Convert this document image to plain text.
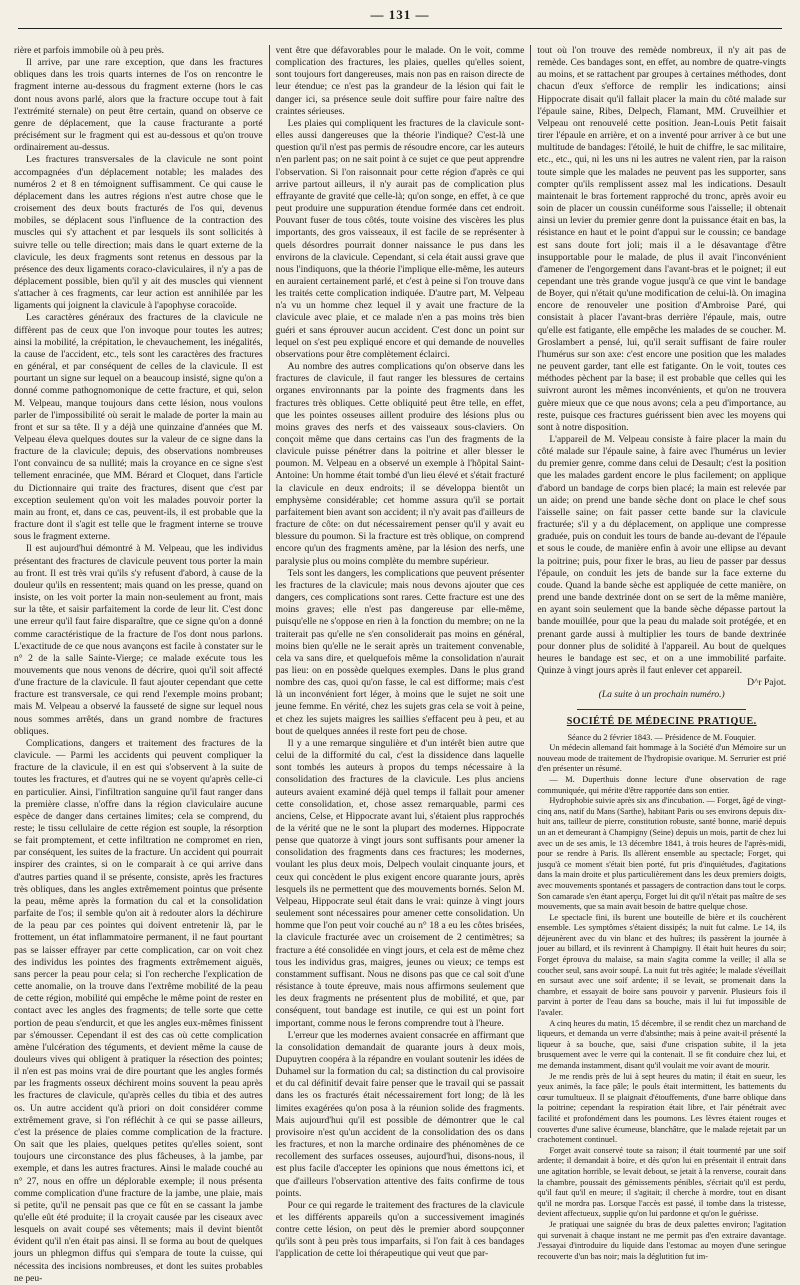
— 131 —

rière et parfois immobile où à peu près.

Il arrive, par une rare exception, que dans les fractures obliques dans les trois quarts internes de l'os on rencontre le fragment interne au-dessous du fragment externe (hors le cas dont nous avons parlé, alors que la fracture occupe tout à fait l'extrémité sternale) on peut être certain, quand on observe ce genre de déplacement, que la cause fracturante a porté précisément sur le fragment qui est au-dessous et qu'on trouve ordinairement au-dessus.

Les fractures transversales de la clavicule ne sont point accompagnées d'un déplacement notable; les malades des numéros 2 et 8 en témoignent suffisamment. Ce qui cause le déplacement dans les autres régions n'est autre chose que le croisement des deux bouts fracturés de l'os qui, devenus mobiles, se déplacent sous l'influence de la contraction des muscles qui s'y attachent et par lesquels ils sont sollicités à suivre telle ou telle direction; mais dans le quart externe de la clavicule, les deux fragments sont retenus en dessous par la présence des deux ligaments coraco-claviculaires, il n'y a pas de déplacement possible, bien qu'il y ait des muscles qui viennent s'attacher à ces fragments, car leur action est annihilée par les ligaments qui joignent la clavicule à l'apophyse coracoïde.

Les caractères généraux des fractures de la clavicule ne diffèrent pas de ceux que l'on invoque pour toutes les autres; ainsi la mobilité, la crépitation, le chevauchement, les inégalités, la cause de l'accident, etc., tels sont les caractères des fractures en général, et par conséquent de celles de la clavicule. Il est pourtant un signe sur lequel on a beaucoup insisté, signe qu'on a donné comme pathognomonique de cette fracture, et qui, selon M. Velpeau, manque toujours dans cette lésion, nous voulons parler de l'impossibilité où serait le malade de porter la main au front et sur sa tête. Il y a déjà une quinzaine d'années que M. Velpeau éleva quelques doutes sur la valeur de ce signe dans la fracture de la clavicule; depuis, des observations nombreuses l'ont convaincu de sa nullité; mais la croyance en ce signe s'est tellement enracinée, que MM. Bérard et Cloquet, dans l'article du Dictionnaire qui traite des fractures, disent que c'est par exception seulement qu'on voit les malades pouvoir porter la main au front, et, dans ce cas, peuvent-ils, il est probable que la fracture dont il s'agit est telle que le fragment interne se trouve sous le fragment externe.

Il est aujourd'hui démontré à M. Velpeau, que les individus présentant des fractures de clavicule peuvent tous porter la main au front. Il est très vrai qu'ils s'y refusent d'abord, à cause de la douleur qu'ils en ressentent; mais quand on les presse, quand on insiste, on les voit porter la main non-seulement au front, mais sur la tête, et saisir parfaitement la corde de leur lit. C'est donc une erreur qu'il faut faire disparaître, que ce signe qu'on a donné comme caractéristique de la fracture de l'os dont nous parlons. L'exactitude de ce que nous avançons est facile à constater sur le n° 2 de la salle Sainte-Vierge; ce malade exécute tous les mouvements que nous venons de décrire, quoi qu'il soit affecté d'une fracture de la clavicule. Il faut ajouter cependant que cette fracture est transversale, ce qui rend l'exemple moins probant; mais M. Velpeau a observé la fausseté de signe sur lequel nous nous sommes arrêtés, dans un grand nombre de fractures obliques.

Complications, dangers et traitement des fractures de la clavicule. — Parmi les accidents qui peuvent compliquer la fracture de la clavicule, il en est qui s'observent à la suite de toutes les fractures, et d'autres qui ne se voyent qu'après celle-ci en particulier. Ainsi, l'infiltration sanguine qu'il faut ranger dans la première classe, n'offre dans la région claviculaire aucune espèce de danger dans certaines limites; cela se comprend, du reste; le tissu cellulaire de cette région est souple, la résorption se fait promptement, et cette infiltration ne compromet en rien, par conséquent, les suites de la fracture. Un accident qui pourrait inspirer des craintes, si on le comparait à ce qui arrive dans d'autres parties quand il se présente, consiste, après les fractures très obliques, dans les angles extrêmement pointus que présente la peau, même après la formation du cal et la consolidation parfaite de l'os; il semble qu'on ait à redouter alors la déchirure de la peau par ces pointes qui doivent entretenir là, par le frottement, un état inflammatoire permanent, il ne faut pourtant pas se laisser effrayer par cette complication, car on voit chez des individus les pointes des fragments extrêmement aiguës, sans percer la peau pour cela; si l'on recherche l'explication de cette anomalie, on la trouve dans l'extrême mobilité de la peau de cette région, mobilité qui empêche le même point de rester en contact avec les angles des fragments; de telle sorte que cette portion de peau s'endurcit, et que les angles eux-mêmes finissent par s'émousser. Cependant il est des cas où cette complication amène l'ulcération des téguments, et devient même la cause de douleurs vives qui obligent à pratiquer la résection des pointes; il n'en est pas moins vrai de dire pourtant que les angles formés par les fragments osseux déchirent moins souvent la peau après les fractures de clavicule, qu'après celles du tibia et des autres os. Un autre accident qu'à priori on doit considérer comme extrêmement grave, si l'on réfléchit à ce qui se passe ailleurs, c'est la présence de plaies comme complication de la fracture. On sait que les plaies, quelques petites qu'elles soient, sont toujours une circonstance des plus fâcheuses, à la jambe, par exemple, et dans les autres fractures. Ainsi le malade couché au n° 27, nous en offre un déplorable exemple; il nous présenta comme complication d'une fracture de la jambe, une plaie, mais si petite, qu'il ne pensait pas que ce fût en se cassant la jambe qu'elle eût été produite; il la croyait causée par les ciseaux avec lesquels on avait coupé ses vêtements; mais il devint bientôt évident qu'il n'en était pas ainsi. Il se forma au bout de quelques jours un phlegmon diffus qui s'empara de toute la cuisse, qui nécessita des incisions nombreuses, et dont les suites probables ne peu-

vent être que défavorables pour le malade. On le voit, comme complication des fractures, les plaies, quelles qu'elles soient, sont toujours fort dangereuses, mais non pas en raison directe de leur étendue; ce n'est pas la grandeur de la lésion qui fait le danger ici, sa présence seule doit suffire pour faire naître des craintes sérieuses.

Les plaies qui compliquent les fractures de la clavicule sont-elles aussi dangereuses que la théorie l'indique? C'est-là une question qu'il n'est pas permis de résoudre encore, car les auteurs n'en parlent pas; on ne sait point à ce sujet ce que peut apprendre l'observation. Si l'on raisonnait pour cette région d'après ce qui arrive partout ailleurs, il n'y aurait pas de complication plus effrayante de gravité que celle-là; qu'on songe, en effet, à ce que peut produire une suppuration étendue formée dans cet endroit. Pouvant fuser de tous côtés, toute voisine des viscères les plus importants, des gros vaisseaux, il est facile de se représenter à quels désordres pourrait donner naissance le pus dans les environs de la clavicule. Cependant, si cela était aussi grave que nous l'indiquons, que la théorie l'implique elle-même, les auteurs en auraient certainement parlé, et c'est à peine si l'on trouve dans les traités cette complication indiquée. D'autre part, M. Velpeau n'a vu un homme chez lequel il y avait une fracture de la clavicule avec plaie, et ce malade n'en a pas moins très bien guéri et sans éprouver aucun accident. C'est donc un point sur lequel on s'est peu expliqué encore et qui demande de nouvelles observations pour être complètement éclairci.

Au nombre des autres complications qu'on observe dans les fractures de clavicule, il faut ranger les blessures de certains organes environnants par la pointe des fragments dans les fractures très obliques. Cette obliquité peut être telle, en effet, que les pointes osseuses aillent produire des lésions plus ou moins graves des nerfs et des vaisseaux sous-claviers. On conçoit même que dans certains cas l'un des fragments de la clavicule puisse pénétrer dans la poitrine et aller blesser le poumon. M. Velpeau en a observé un exemple à l'hôpital Saint-Antoine: Un homme était tombé d'un lieu élevé et s'était fracturé la clavicule en deux endroits; il se développa bientôt un emphysème considérable; cet homme assura qu'il se portait parfaitement bien avant son accident; il n'y avait pas d'ailleurs de fracture de côte: on dut nécessairement penser qu'il y avait eu blessure du poumon. Si la fracture est très oblique, on comprend encore qu'un des fragments amène, par la lésion des nerfs, une paralysie plus ou moins complète du membre supérieur.

Tels sont les dangers, les complications que peuvent présenter les fractures de la clavicule; mais nous devons ajouter que ces dangers, ces complications sont rares. Cette fracture est une des moins graves; elle n'est pas dangereuse par elle-même, puisqu'elle ne s'oppose en rien à la fonction du membre; on ne la traiterait pas qu'elle ne s'en consoliderait pas moins en général, moins bien qu'elle ne le serait après un traitement convenable, cela va sans dire, et quelquefois même la consolidation n'aurait pas lieu: on en possède quelques exemples. Dans le plus grand nombre des cas, quoi qu'on fasse, le cal est difforme; mais c'est là un inconvénient fort léger, à moins que le sujet ne soit une jeune femme. En vérité, chez les sujets gras cela se voit à peine, et chez les sujets maigres les saillies s'effacent peu à peu, et au bout de quelques années il reste fort peu de chose.

Il y a une remarque singulière et d'un intérêt bien autre que celui de la difformité du cal, c'est la dissidence dans laquelle sont tombés les auteurs à propos du temps nécessaire à la consolidation des fractures de la clavicule. Les plus anciens auteurs avaient examiné déjà quel temps il fallait pour amener cette consolidation, et, chose assez remarquable, parmi ces anciens, Celse, et Hippocrate avant lui, s'étaient plus rapprochés de la vérité que ne le sont la plupart des modernes. Hippocrate pense que quatorze à vingt jours sont suffisants pour amener la consolidation des fragments dans ces fractures; les modernes, voulant les plus deux mois, Delpech voulait cinquante jours, et ceux qui concèdent le plus exigent encore quarante jours, après lesquels ils ne permettent que des mouvements bornés. Selon M. Velpeau, Hippocrate seul était dans le vrai: quinze à vingt jours seulement sont nécessaires pour amener cette consolidation. Un homme que l'on peut voir couché au n° 18 a eu les côtes brisées, la clavicule fracturée avec un croisement de 2 centimètres; sa fracture a été consolidée en vingt jours, et cela est de même chez tous les individus gras, maigres, jeunes ou vieux; ce temps est constamment suffisant. Nous ne disons pas que ce cal soit d'une résistance à toute épreuve, mais nous affirmons seulement que les deux fragments ne présentent plus de mobilité, et que, par conséquent, tout bandage est inutile, ce qui est un point fort important, comme nous le ferons comprendre tout à l'heure.

L'erreur que les modernes avaient consacrée en affirmant que la consolidation demandait de quarante jours à deux mois, Dupuytren coopéra à la répandre en voulant soutenir les idées de Duhamel sur la formation du cal; sa distinction du cal provisoire et du cal définitif devait faire penser que le travail qui se passait dans les os fracturés était nécessairement fort long; de là les limites exagérées qu'on posa à la réunion solide des fragments. Mais aujourd'hui qu'il est possible de démontrer que le cal provisoire n'est qu'un accident de la consolidation des os dans les fractures, et non la marche ordinaire des phénomènes de ce recollement des surfaces osseuses, aujourd'hui, disons-nous, il est plus facile d'accepter les opinions que nous émettons ici, et que d'ailleurs l'observation attentive des faits confirme de tous points.

Pour ce qui regarde le traitement des fractures de la clavicule et les différents appareils qu'on a successivement imaginés contre cette lésion, on peut dès le premier abord soupçonner qu'ils sont à peu près tous imparfaits, si l'on fait à ces bandages l'application de cette loi thérapeutique qui veut que par-

tout où l'on trouve des remède nombreux, il n'y ait pas de remède. Ces bandages sont, en effet, au nombre de quatre-vingts au moins, et se rattachent par groupes à certaines méthodes, dont chacun d'eux s'efforce de remplir les indications; ainsi Hippocrate disait qu'il fallait placer la main du côté malade sur l'épaule saine, Ribes, Delpech, Flamant, MM. Cruveilhier et Velpeau ont renouvelé cette position. Jean-Louis Petit faisait tirer l'épaule en arrière, et on a inventé pour arriver à ce but une multitude de bandages: l'étoilé, le huit de chiffre, le sac militaire, etc., etc., qui, ni les uns ni les autres ne valent rien, par la raison toute simple que les malades ne peuvent pas les supporter, sans compter qu'ils remplissent assez mal les indications. Desault maintenait le bras fortement rapproché du tronc, après avoir eu soin de placer un coussin cunéiforme sous l'aisselle; il obtenait ainsi un levier du premier genre dont la puissance était en bas, la résistance en haut et le point d'appui sur le coussin; ce bandage est sans doute fort joli; mais il a le désavantage d'être insupportable pour le malade, de plus il avait l'inconvénient d'amener de l'engorgement dans l'avant-bras et le poignet; il eut cependant une très grande vogue jusqu'à ce que vint le bandage de Boyer, qui n'était qu'une modification de celui-là. On imagina encore de renouveler une position d'Ambroise Paré, qui consistait à placer l'avant-bras derrière l'épaule, mais, outre qu'elle est fatigante, elle empêche les malades de se coucher. M. Groslambert a pensé, lui, qu'il serait suffisant de faire rouler l'humérus sur son axe: c'est encore une position que les malades ne peuvent garder, tant elle est fatigante. On le voit, toutes ces méthodes pèchent par la base; il est probable que celles qui les suivront auront les mêmes inconvénients, et qu'on ne trouvera guère mieux que ce que nous avons; cela a peu d'importance, au reste, puisque ces fractures guérissent bien avec les moyens qui sont à notre disposition.

L'appareil de M. Velpeau consiste à faire placer la main du côté malade sur l'épaule saine, à faire avec l'humérus un levier du premier genre, comme dans celui de Desault; c'est la position que les malades gardent encore le plus facilement; on applique d'abord un bandage de corps bien placé; la main est relevée par un aide; on prend une bande sèche dont on place le chef sous l'aisselle saine; on fait passer cette bande sur la clavicule fracturée; s'il y a du déplacement, on applique une compresse graduée, puis on conduit les tours de bande au-devant de l'épaule et sous le coude, de manière enfin à avoir une ellipse au devant la poitrine; puis, pour fixer le bras, au lieu de passer par dessus l'épaule, on conduit les jets de bande sur la face externe du coude. Quand la bande sèche est appliquée de cette manière, on prend une bande dextrinée dont on se sert de la même manière, en ayant soin seulement que la bande sèche dépasse partout la bande mouillée, pour que la peau du malade soit protégée, et en prenant garde aussi à multiplier les tours de bande dextrinée pour donner plus de solidité à l'appareil. Au bout de quelques heures le bandage est sec, et on a une immobilité parfaite. Quinze à vingt jours après il faut enlever cet appareil.

D^r Pajot.

(La suite à un prochain numéro.)

SOCIÉTÉ DE MÉDECINE PRATIQUE.

Séance du 2 février 1843. — Présidence de M. Fouquier.

Un médecin allemand fait hommage à la Société d'un Mémoire sur un nouveau mode de traitement de l'hydropisie ovarique. M. Serrurier est prié d'en présenter un résumé.

— M. Duperthuis donne lecture d'une observation de rage communiquée, qui mérite d'être rapportée dans son entier.

Hydrophobie suivie après six ans d'incubation. — Forget, âgé de vingt-cinq ans, natif du Mans (Sarthe), habitant Paris ou ses environs depuis dix-huit ans, tailleur de pierre, constitution robuste, santé bonne, marié depuis un an et demeurant à Champigny (Seine) depuis un mois, partit de chez lui avec un de ses amis, le 13 décembre 1841, à trois heures de l'après-midi, pour se rendre à Paris. Ils allèrent ensemble au spectacle; Forget, qui jusqu'à ce moment s'était bien porté, fut pris d'inquiétudes, d'agitations dans la main droite et plus particulièrement dans les deux premiers doigts, avec mouvements spontanés et passagers de contraction dans tout le corps. Son camarade s'en étant aperçu, Forget lui dit qu'il n'était pas maître de ses mouvements, que sa main avait besoin de battre quelque chose.

Le spectacle fini, ils burent une bouteille de bière et ils couchèrent ensemble. Les symptômes s'étaient dissipés; la nuit fut calme. Le 14, ils déjeunèrent avec du vin blanc et des huîtres; ils passèrent la journée à jouer au billard, et ils revinrent à Champigny. Il était huit heures du soir; Forget éprouva du malaise, sa main s'agita comme la veille; il alla se coucher seul, sans avoir soupé. La nuit fut très agitée; le malade s'éveillait en sursaut avec une soif ardente; il se levait, se promenait dans la chambre, et essayait de boire sans pouvoir y parvenir. Plusieurs fois il parvint à porter de l'eau dans sa bouche, mais il lui fut impossible de l'avaler.

A cinq heures du matin, 15 décembre, il se rendit chez un marchand de liqueurs, et demanda un verre d'absinthe; mais à peine avait-il présenté la liqueur à sa bouche, que, saisi d'une crispation subite, il la jeta brusquement avec le verre qui la contenait. Il se fit conduire chez lui, et me demanda instamment, disant qu'il voulait me voir avant de mourir.

Je me rendis près de lui à sept heures du matin; il était en sueur, les yeux animés, la face pâle; le pouls était intermittent, les battements du cœur tumultueux. Il se plaignait d'étouffements, d'une barre oblique dans la poitrine; cependant la respiration était libre, et l'air pénétrait avec facilité et profondément dans les poumons. Les lèvres étaient rouges et couvertes d'une salive écumeuse, blanchâtre, que le malade rejetait par un crachotement continuel.

Forget avait conservé toute sa raison; il était tourmenté par une soif ardente; il demandait à boire, et dès qu'on lui en présentait il entrait dans une agitation horrible, se levait debout, se jetait à la renverse, courait dans la chambre, poussait des gémissements pénibles, s'écriait qu'il est perdu, qu'il faut qu'il en meure; il s'agitait; il cherche à mordre, tout en disant qu'il ne mordra pas. Lorsque l'accès est passé, il tombe dans la tristesse, devient affectueux, supplie qu'on lui pardonne et qu'on le guérisse.

Je pratiquai une saignée du bras de deux palettes environ; l'agitation qui survenait à chaque instant ne me permit pas d'en extraire davantage. J'essayai d'introduire du liquide dans l'estomac au moyen d'une seringue recouverte d'un bas noir; mais la déglutition fut im-
